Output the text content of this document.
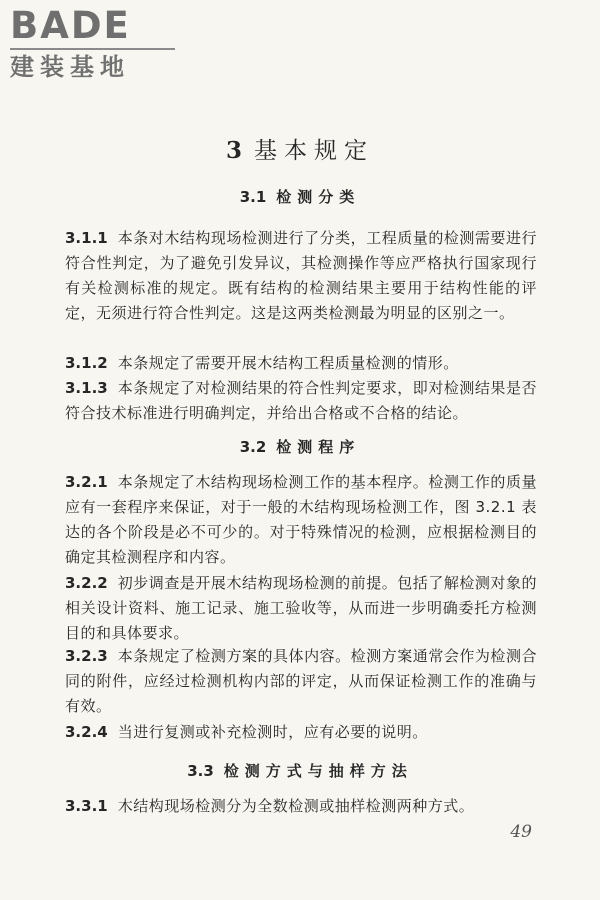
BADE
建装基地
3 基本规定
3.1 检测分类
3.1.1 本条对木结构现场检测进行了分类，工程质量的检测需要进行符合性判定，为了避免引发异议，其检测操作等应严格执行国家现行有关检测标准的规定。既有结构的检测结果主要用于结构性能的评定，无须进行符合性判定。这是这两类检测最为明显的区别之一。
3.1.2 本条规定了需要开展木结构工程质量检测的情形。
3.1.3 本条规定了对检测结果的符合性判定要求，即对检测结果是否符合技术标准进行明确判定，并给出合格或不合格的结论。
3.2 检测程序
3.2.1 本条规定了木结构现场检测工作的基本程序。检测工作的质量应有一套程序来保证，对于一般的木结构现场检测工作，图 3.2.1 表达的各个阶段是必不可少的。对于特殊情况的检测，应根据检测目的确定其检测程序和内容。
3.2.2 初步调查是开展木结构现场检测的前提。包括了解检测对象的相关设计资料、施工记录、施工验收等，从而进一步明确委托方检测目的和具体要求。
3.2.3 本条规定了检测方案的具体内容。检测方案通常会作为检测合同的附件，应经过检测机构内部的评定，从而保证检测工作的准确与有效。
3.2.4 当进行复测或补充检测时，应有必要的说明。
3.3 检测方式与抽样方法
3.3.1 木结构现场检测分为全数检测或抽样检测两种方式。
49
